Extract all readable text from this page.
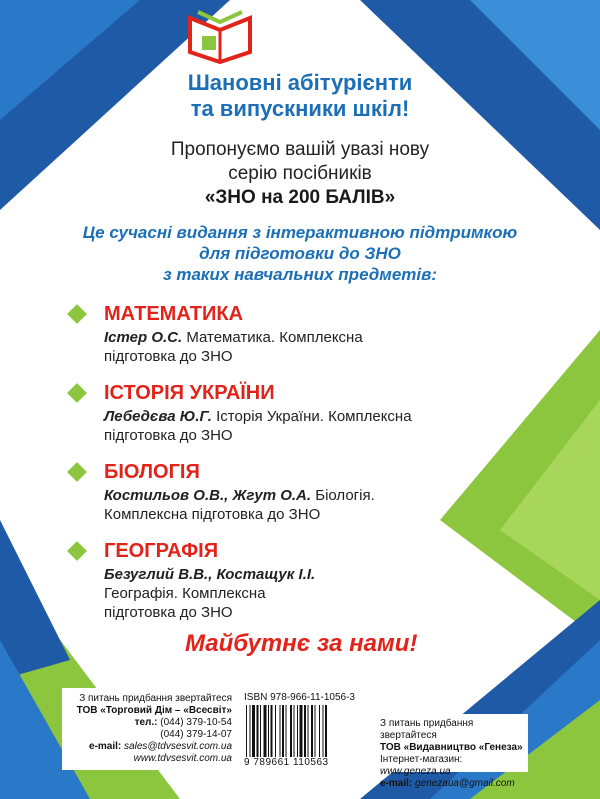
Шановні абітурієнти
та випускники шкіл!
Пропонуємо вашій увазі нову
серію посібників
«ЗНО на 200 БАЛІВ»
Це сучасні видання з інтерактивною підтримкою
для підготовки до ЗНО
з таких навчальних предметів:
МАТЕМАТИКА
Істер О.С. Математика. Комплексна підготовка до ЗНО
ІСТОРІЯ УКРАЇНИ
Лебедєва Ю.Г. Історія України. Комплексна підготовка до ЗНО
БІОЛОГІЯ
Костильов О.В., Жгут О.А. Біологія. Комплексна підготовка до ЗНО
ГЕОГРАФІЯ
Безуглий В.В., Костащук І.І. Географія. Комплексна підготовка до ЗНО
Майбутнє за нами!
З питань придбання звертайтеся
ТОВ «Торговий Дім – «Всесвіт»
тел.: (044) 379-10-54
(044) 379-14-07
e-mail: sales@tdvsesvit.com.ua
www.tdvsesvit.com.ua
ISBN 978-966-11-1056-3
9 789661 110563
З питань придбання звертайтеся
ТОВ «Видавництво «Генеза»
Інтернет-магазин: www.geneza.ua
e-mail: genezaua@gmail.com
